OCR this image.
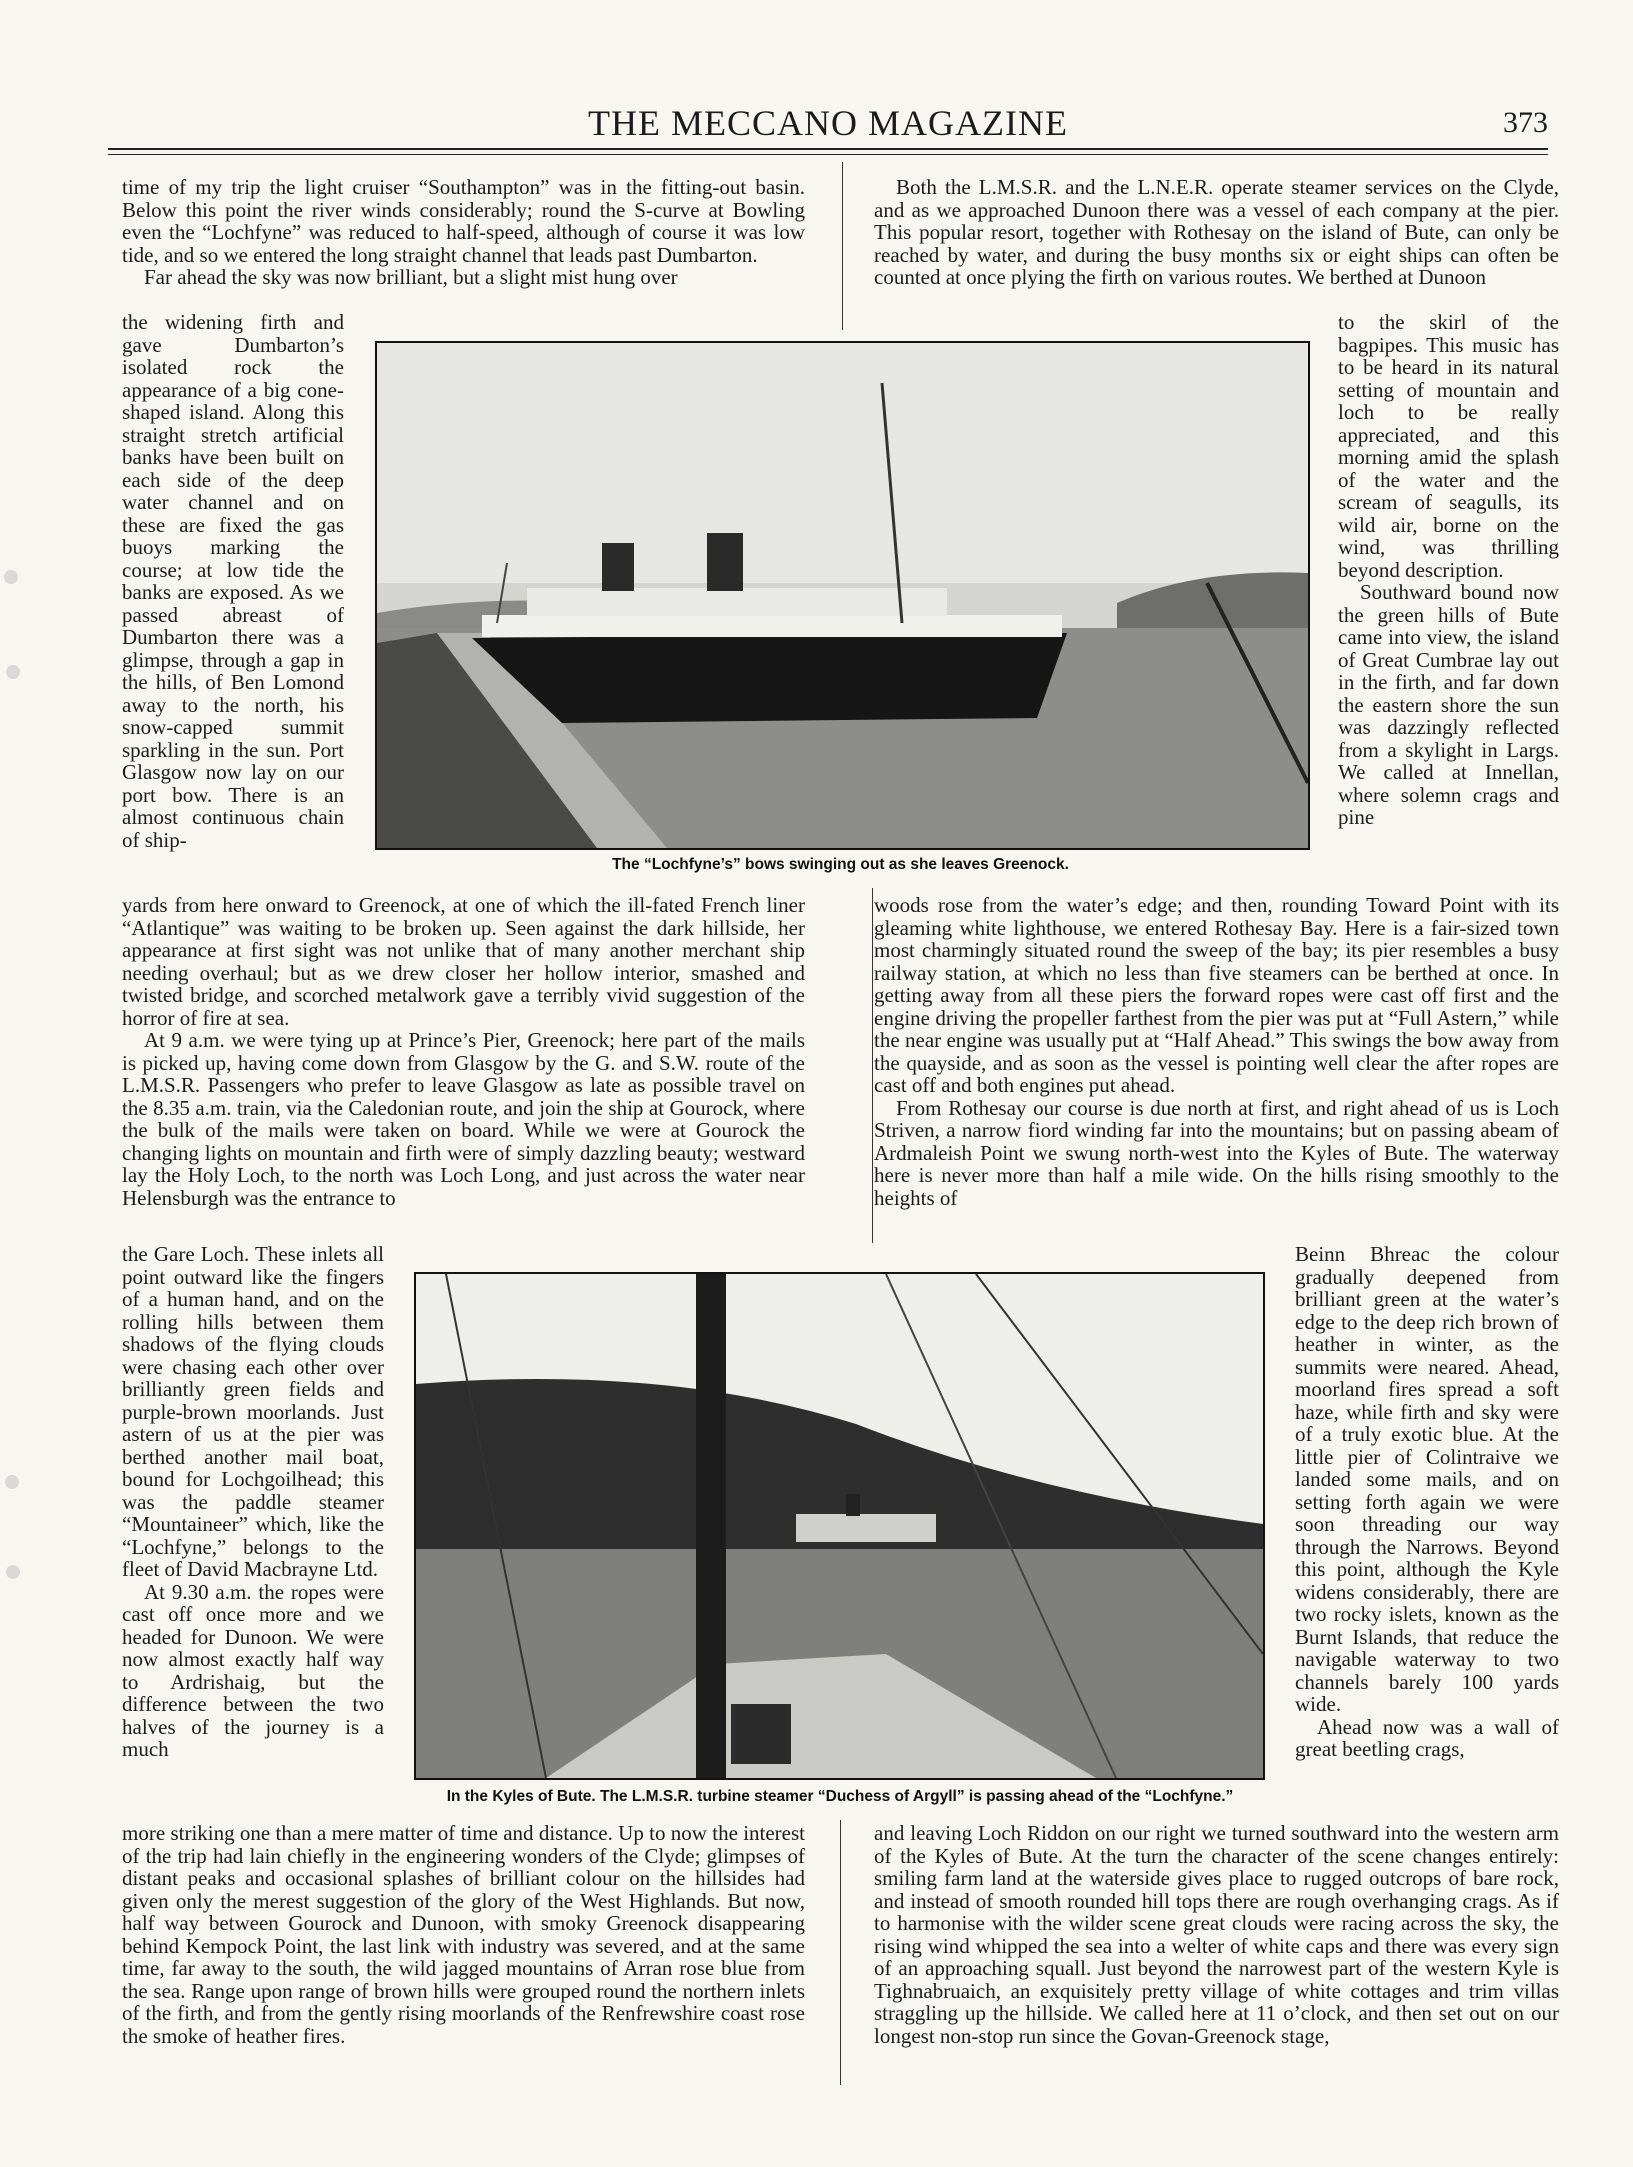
THE MECCANO MAGAZINE	373
time of my trip the light cruiser “Southampton” was in the fitting-out basin. Below this point the river winds considerably; round the S-curve at Bowling even the “Lochfyne” was reduced to half-speed, although of course it was low tide, and so we entered the long straight channel that leads past Dumbarton.
Far ahead the sky was now brilliant, but a slight mist hung over
the widening firth and gave Dumbarton’s isolated rock the appearance of a big cone-shaped island. Along this straight stretch artificial banks have been built on each side of the deep water channel and on these are fixed the gas buoys marking the course; at low tide the banks are exposed. As we passed abreast of Dumbarton there was a glimpse, through a gap in the hills, of Ben Lomond away to the north, his snow-capped summit sparkling in the sun. Port Glasgow now lay on our port bow. There is an almost continuous chain of ship-
yards from here onward to Greenock, at one of which the ill-fated French liner “Atlantique” was waiting to be broken up. Seen against the dark hillside, her appearance at first sight was not unlike that of many another merchant ship needing overhaul; but as we drew closer her hollow interior, smashed and twisted bridge, and scorched metalwork gave a terribly vivid suggestion of the horror of fire at sea.
At 9 a.m. we were tying up at Prince’s Pier, Greenock; here part of the mails is picked up, having come down from Glasgow by the G. and S.W. route of the L.M.S.R. Passengers who prefer to leave Glasgow as late as possible travel on the 8.35 a.m. train, via the Caledonian route, and join the ship at Gourock, where the bulk of the mails were taken on board. While we were at Gourock the changing lights on mountain and firth were of simply dazzling beauty; westward lay the Holy Loch, to the north was Loch Long, and just across the water near Helensburgh was the entrance to
the Gare Loch. These inlets all point outward like the fingers of a human hand, and on the rolling hills between them shadows of the flying clouds were chasing each other over brilliantly green fields and purple-brown moorlands. Just astern of us at the pier was berthed another mail boat, bound for Lochgoilhead; this was the paddle steamer “Mountaineer” which, like the “Lochfyne,” belongs to the fleet of David Macbrayne Ltd.
At 9.30 a.m. the ropes were cast off once more and we headed for Dunoon. We were now almost exactly half way to Ardrishaig, but the difference between the two halves of the journey is a much
more striking one than a mere matter of time and distance. Up to now the interest of the trip had lain chiefly in the engineering wonders of the Clyde; glimpses of distant peaks and occasional splashes of brilliant colour on the hillsides had given only the merest suggestion of the glory of the West Highlands. But now, half way between Gourock and Dunoon, with smoky Greenock disappearing behind Kempock Point, the last link with industry was severed, and at the same time, far away to the south, the wild jagged mountains of Arran rose blue from the sea. Range upon range of brown hills were grouped round the northern inlets of the firth, and from the gently rising moorlands of the Renfrewshire coast rose the smoke of heather fires.
Both the L.M.S.R. and the L.N.E.R. operate steamer services on the Clyde, and as we approached Dunoon there was a vessel of each company at the pier. This popular resort, together with Rothesay on the island of Bute, can only be reached by water, and during the busy months six or eight ships can often be counted at once plying the firth on various routes. We berthed at Dunoon
to the skirl of the bagpipes. This music has to be heard in its natural setting of mountain and loch to be really appreciated, and this morning amid the splash of the water and the scream of seagulls, its wild air, borne on the wind, was thrilling beyond description.
Southward bound now the green hills of Bute came into view, the island of Great Cumbrae lay out in the firth, and far down the eastern shore the sun was dazzingly reflected from a skylight in Largs. We called at Innellan, where solemn crags and pine
woods rose from the water’s edge; and then, rounding Toward Point with its gleaming white lighthouse, we entered Rothesay Bay. Here is a fair-sized town most charmingly situated round the sweep of the bay; its pier resembles a busy railway station, at which no less than five steamers can be berthed at once. In getting away from all these piers the forward ropes were cast off first and the engine driving the propeller farthest from the pier was put at “Full Astern,” while the near engine was usually put at “Half Ahead.” This swings the bow away from the quayside, and as soon as the vessel is pointing well clear the after ropes are cast off and both engines put ahead.
From Rothesay our course is due north at first, and right ahead of us is Loch Striven, a narrow fiord winding far into the mountains; but on passing abeam of Ardmaleish Point we swung north-west into the Kyles of Bute. The waterway here is never more than half a mile wide. On the hills rising smoothly to the heights of
Beinn Bhreac the colour gradually deepened from brilliant green at the water’s edge to the deep rich brown of heather in winter, as the summits were neared. Ahead, moorland fires spread a soft haze, while firth and sky were of a truly exotic blue. At the little pier of Colintraive we landed some mails, and on setting forth again we were soon threading our way through the Narrows. Beyond this point, although the Kyle widens considerably, there are two rocky islets, known as the Burnt Islands, that reduce the navigable waterway to two channels barely 100 yards wide.
Ahead now was a wall of great beetling crags,
and leaving Loch Riddon on our right we turned southward into the western arm of the Kyles of Bute. At the turn the character of the scene changes entirely: smiling farm land at the waterside gives place to rugged outcrops of bare rock, and instead of smooth rounded hill tops there are rough overhanging crags. As if to harmonise with the wilder scene great clouds were racing across the sky, the rising wind whipped the sea into a welter of white caps and there was every sign of an approaching squall. Just beyond the narrowest part of the western Kyle is Tighnabruaich, an exquisitely pretty village of white cottages and trim villas straggling up the hillside. We called here at 11 o’clock, and then set out on our longest non-stop run since the Govan-Greenock stage,
The “Lochfyne’s” bows swinging out as she leaves Greenock.
In the Kyles of Bute. The L.M.S.R. turbine steamer “Duchess of Argyll” is passing ahead of the “Lochfyne.”
